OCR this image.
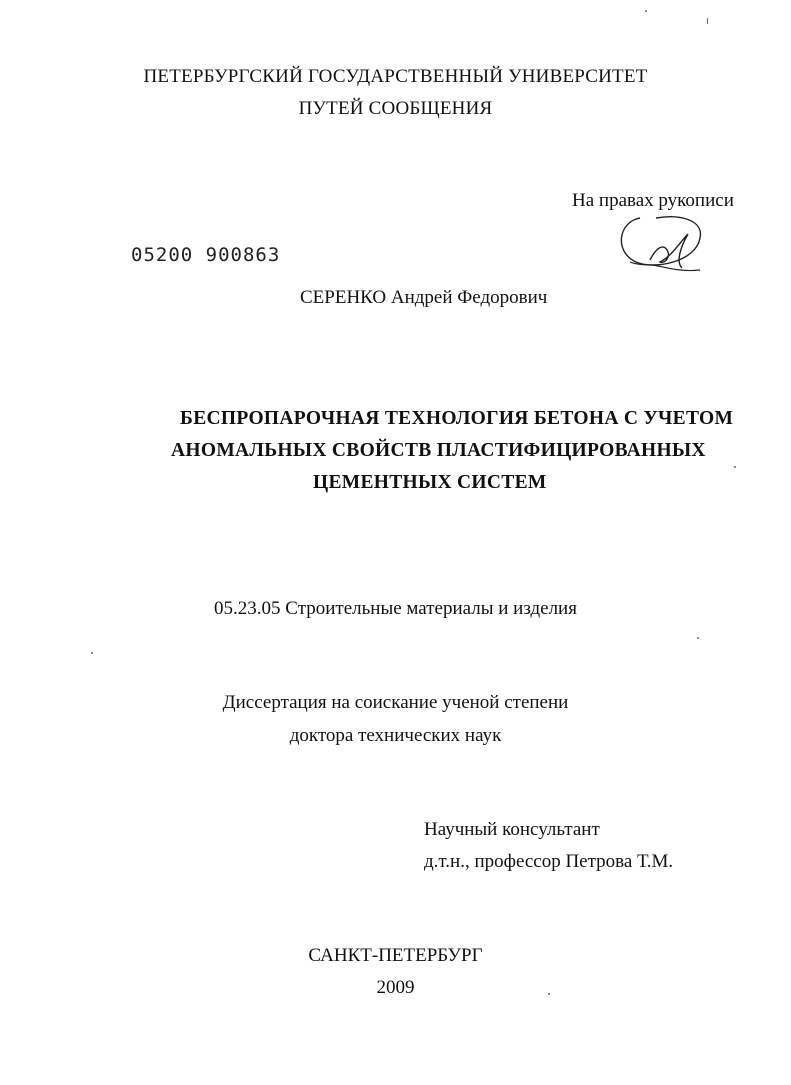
ПЕТЕРБУРГСКИЙ ГОСУДАРСТВЕННЫЙ УНИВЕРСИТЕТ
ПУТЕЙ СООБЩЕНИЯ
На правах рукописи
05200 900863
СЕРЕНКО Андрей Федорович
БЕСПРОПАРОЧНАЯ ТЕХНОЛОГИЯ БЕТОНА С УЧЕТОМ
АНОМАЛЬНЫХ СВОЙСТВ ПЛАСТИФИЦИРОВАННЫХ
ЦЕМЕНТНЫХ СИСТЕМ
05.23.05 Строительные материалы и изделия
Диссертация на соискание ученой степени
доктора технических наук
Научный консультант
д.т.н., профессор Петрова Т.М.
САНКТ-ПЕТЕРБУРГ
2009
